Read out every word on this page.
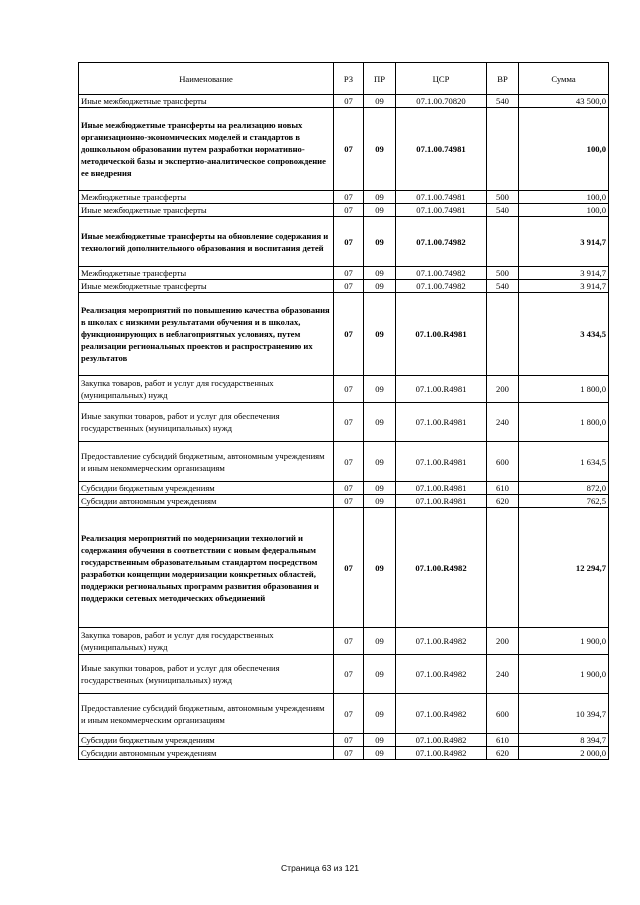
Наименование	РЗ	ПР	ЦСР	ВР	Сумма
Иные межбюджетные трансферты	07	09	07.1.00.70820	540	43 500,0
Иные межбюджетные трансферты на реализацию новых организационно-экономических моделей и стандартов в дошкольном образовании путем разработки нормативно-методической базы и экспертно-аналитическое сопровождение ее внедрения	07	09	07.1.00.74981		100,0
Межбюджетные трансферты	07	09	07.1.00.74981	500	100,0
Иные межбюджетные трансферты	07	09	07.1.00.74981	540	100,0
Иные межбюджетные трансферты на обновление содержания и технологий дополнительного образования и воспитания детей	07	09	07.1.00.74982		3 914,7
Межбюджетные трансферты	07	09	07.1.00.74982	500	3 914,7
Иные межбюджетные трансферты	07	09	07.1.00.74982	540	3 914,7
Реализация мероприятий по повышению качества образования в школах с низкими результатами обучения и в школах, функционирующих в неблагоприятных условиях, путем реализации региональных проектов и распространению их результатов	07	09	07.1.00.R4981		3 434,5
Закупка товаров, работ и услуг для государственных (муниципальных) нужд	07	09	07.1.00.R4981	200	1 800,0
Иные закупки товаров, работ и услуг для обеспечения государственных (муниципальных) нужд	07	09	07.1.00.R4981	240	1 800,0
Предоставление субсидий бюджетным, автономным учреждениям и иным некоммерческим организациям	07	09	07.1.00.R4981	600	1 634,5
Субсидии бюджетным учреждениям	07	09	07.1.00.R4981	610	872,0
Субсидии автономным учреждениям	07	09	07.1.00.R4981	620	762,5
Реализация мероприятий по модернизации технологий и содержания обучения в соответствии с новым федеральным государственным образовательным стандартом посредством разработки концепции модернизации конкретных областей, поддержки региональных программ развития образования и поддержки сетевых методических объединений	07	09	07.1.00.R4982		12 294,7
Закупка товаров, работ и услуг для государственных (муниципальных) нужд	07	09	07.1.00.R4982	200	1 900,0
Иные закупки товаров, работ и услуг для обеспечения государственных (муниципальных) нужд	07	09	07.1.00.R4982	240	1 900,0
Предоставление субсидий бюджетным, автономным учреждениям и иным некоммерческим организациям	07	09	07.1.00.R4982	600	10 394,7
Субсидии бюджетным учреждениям	07	09	07.1.00.R4982	610	8 394,7
Субсидии автономным учреждениям	07	09	07.1.00.R4982	620	2 000,0
Страница 63 из 121
